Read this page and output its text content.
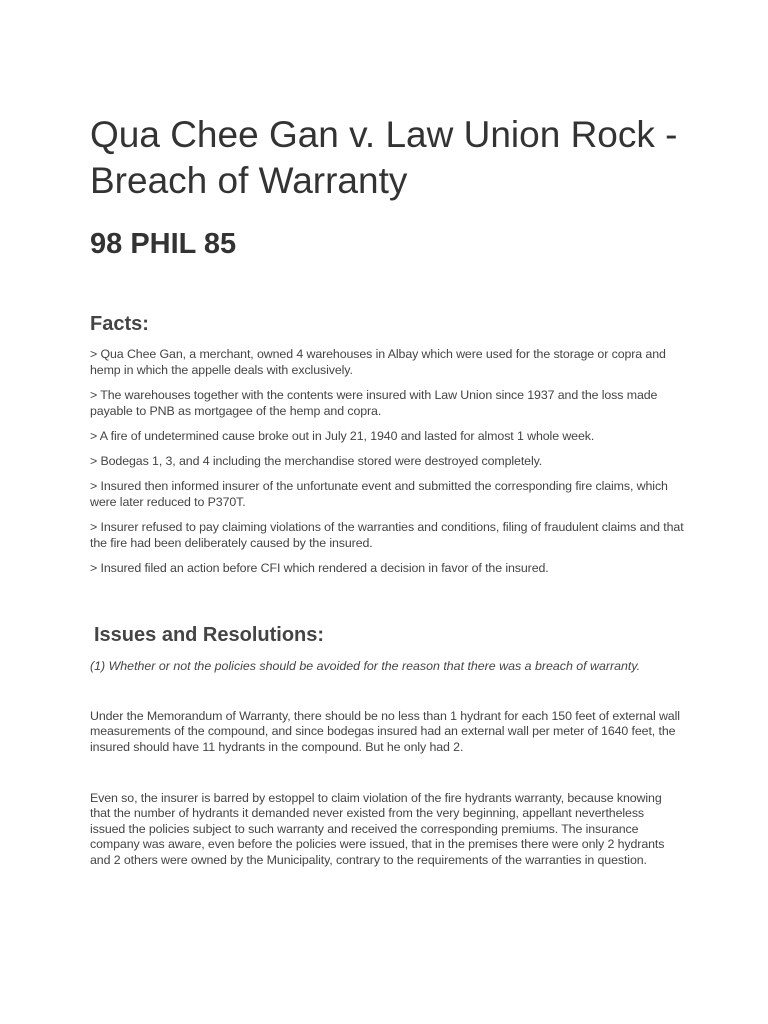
Qua Chee Gan v. Law Union Rock - Breach of Warranty
98 PHIL 85
Facts:
> Qua Chee Gan, a merchant, owned 4 warehouses in Albay which were used for the storage or copra and hemp in which the appelle deals with exclusively.
> The warehouses together with the contents were insured with Law Union since 1937 and the loss made payable to PNB as mortgagee of the hemp and copra.
> A fire of undetermined cause broke out in July 21, 1940 and lasted for almost 1 whole week.
> Bodegas 1, 3, and 4 including the merchandise stored were destroyed completely.
> Insured then informed insurer of the unfortunate event and submitted the corresponding fire claims, which were later reduced to P370T.
> Insurer refused to pay claiming violations of the warranties and conditions, filing of fraudulent claims and that the fire had been deliberately caused by the insured.
> Insured filed an action before CFI which rendered a decision in favor of the insured.
Issues and Resolutions:

(1) Whether or not the policies should be avoided for the reason that there was a breach of warranty.

Under the Memorandum of Warranty, there should be no less than 1 hydrant for each 150 feet of external wall measurements of the compound, and since bodegas insured had an external wall per meter of 1640 feet, the insured should have 11 hydrants in the compound. But he only had 2.

Even so, the insurer is barred by estoppel to claim violation of the fire hydrants warranty, because knowing that the number of hydrants it demanded never existed from the very beginning, appellant nevertheless issued the policies subject to such warranty and received the corresponding premiums. The insurance company was aware, even before the policies were issued, that in the premises there were only 2 hydrants and 2 others were owned by the Municipality, contrary to the requirements of the warranties in question.
